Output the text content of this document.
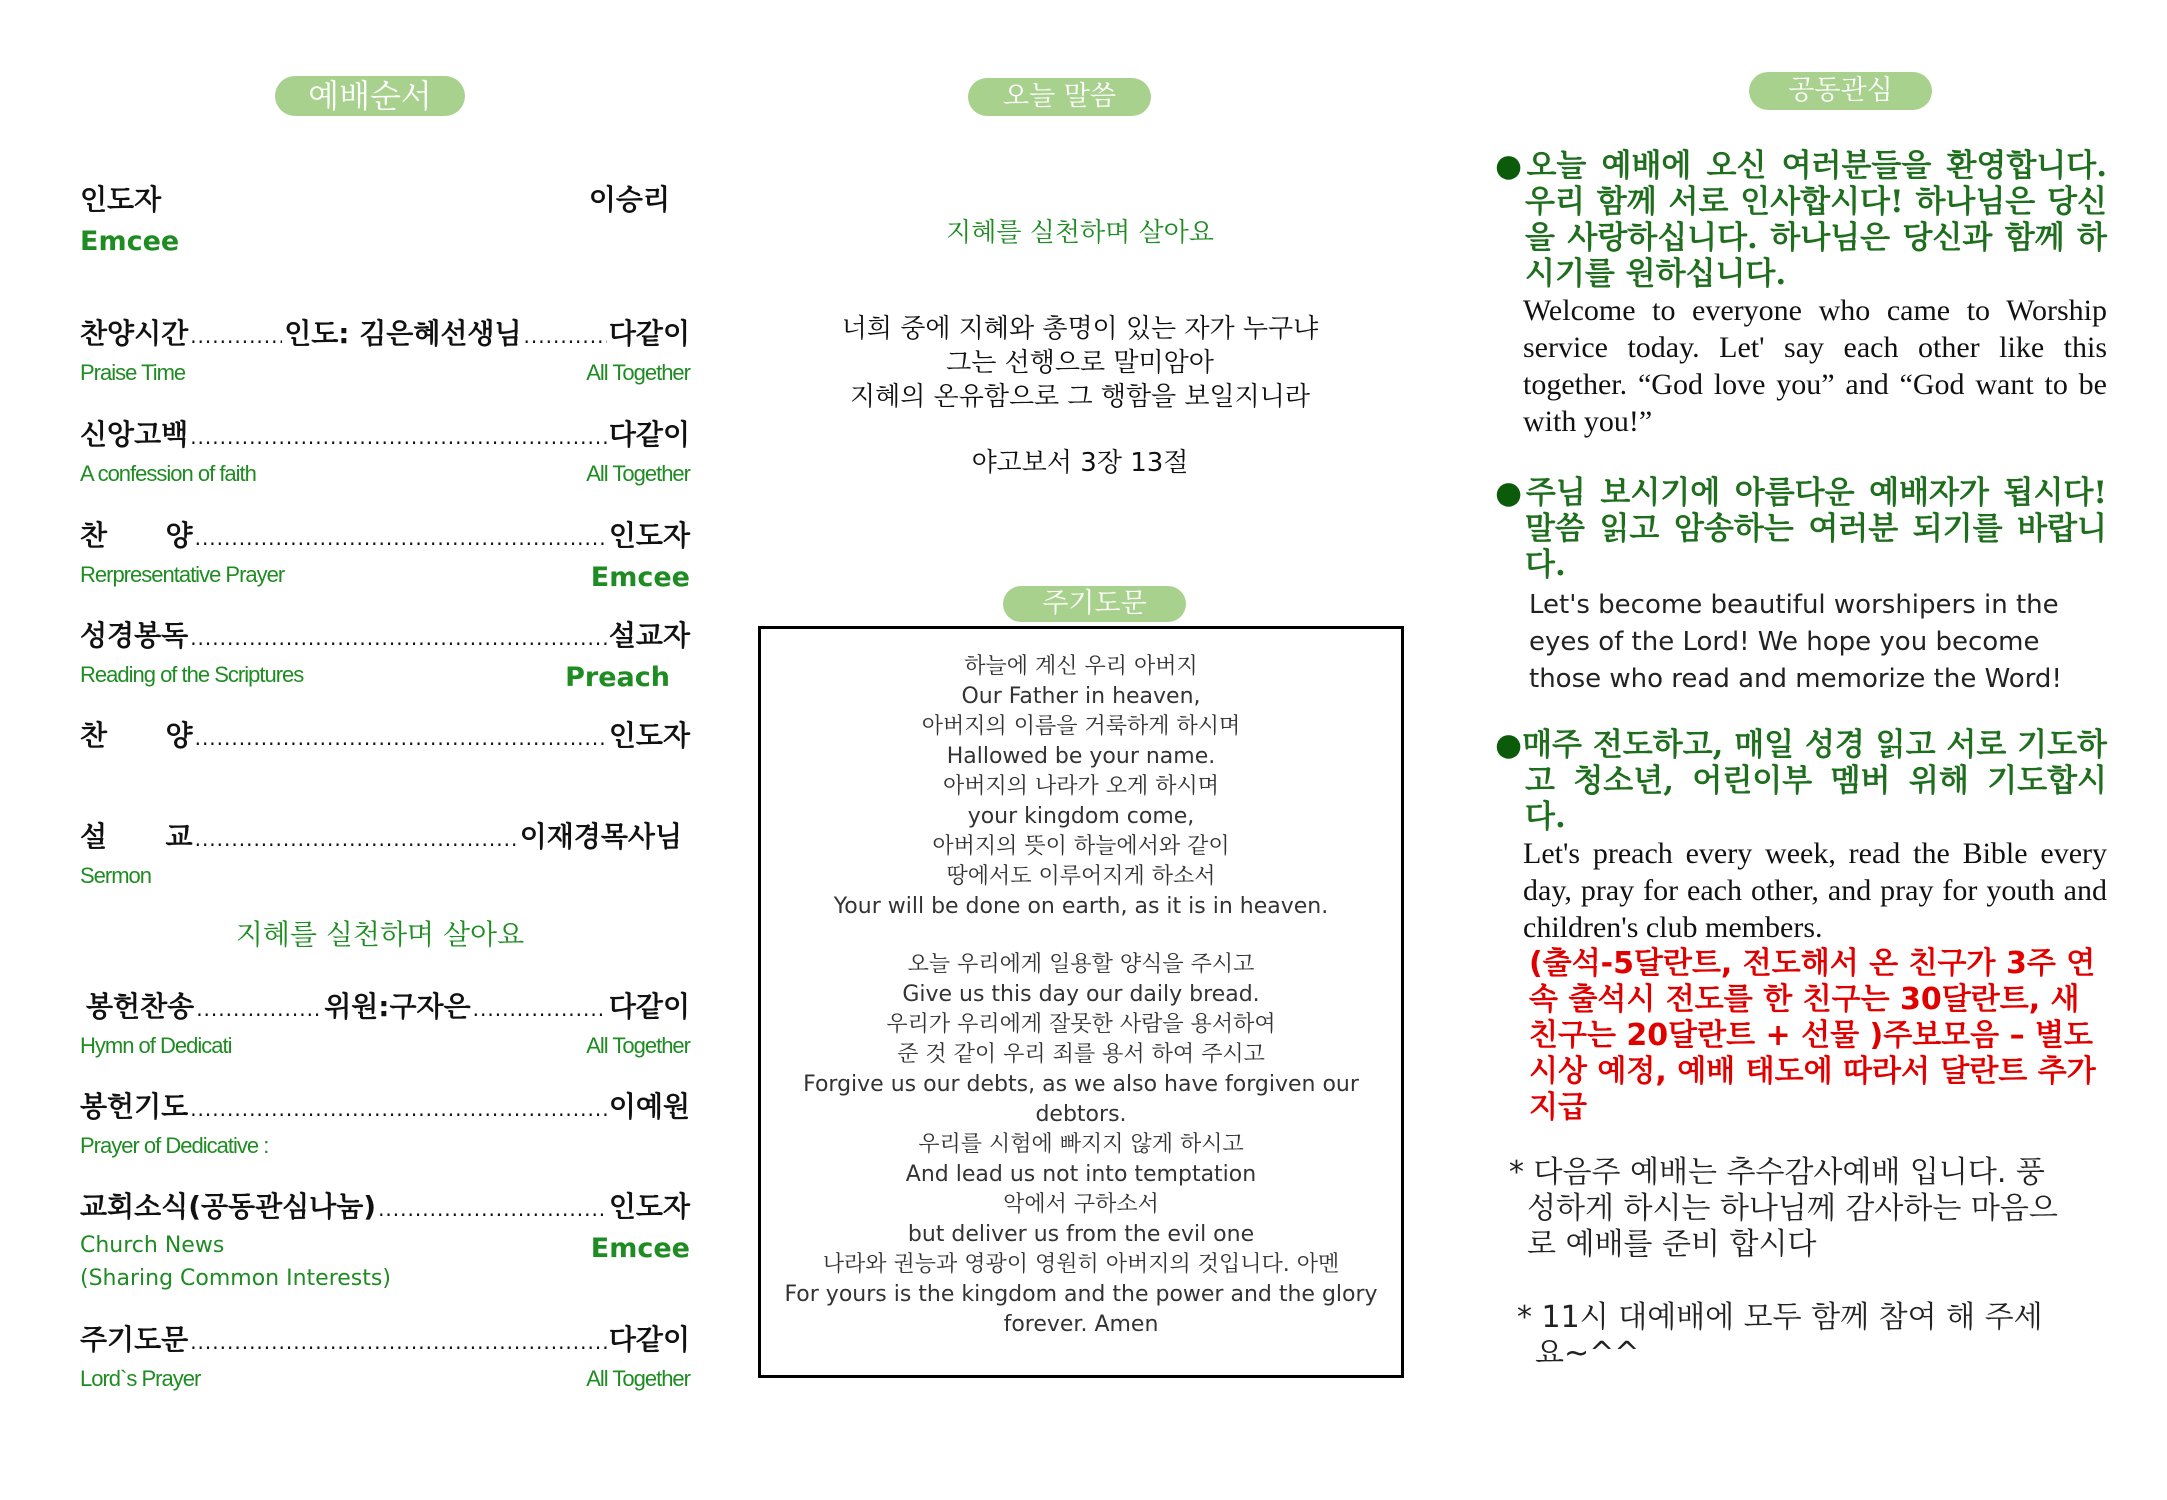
예배순서
인도자	이승리
Emcee
찬양시간 .....	인도: 김은혜선생님 .....	다같이
Praise Time	All Together
신앙고백 .....	다같이
A confession of faith	All Together
찬      양 .....	인도자
Rerpresentative Prayer	Emcee
성경봉독 .....	설교자
Reading of the Scriptures	Preach
찬      양 .....	인도자
설      교 .....	이재경목사님
Sermon
지혜를 실천하며 살아요
봉헌찬송 .....	위원:구자은 .....	다같이
Hymn of Dedicati	All Together
봉헌기도 .....	이예원
Prayer of Dedicative :
교회소식(공동관심나눔) .....	인도자
Church News	Emcee
(Sharing Common Interests)
주기도문 .....	다같이
Lord`s Prayer	All Together
오늘 말씀
지혜를 실천하며 살아요
너희 중에 지혜와 총명이 있는 자가 누구냐
그는 선행으로 말미암아
지혜의 온유함으로 그 행함을 보일지니라
야고보서 3장 13절
주기도문
하늘에 계신 우리 아버지
Our Father in heaven,
아버지의 이름을 거룩하게 하시며
Hallowed be your name.
아버지의 나라가 오게 하시며
your kingdom come,
아버지의 뜻이 하늘에서와 같이
땅에서도 이루어지게 하소서
Your will be done on earth, as it is in heaven.
오늘 우리에게 일용할 양식을 주시고
Give us this day our daily bread.
우리가 우리에게 잘못한 사람을 용서하여
준 것 같이 우리 죄를 용서 하여 주시고
Forgive us our debts, as we also have forgiven our
debtors.
우리를 시험에 빠지지 않게 하시고
And lead us not into temptation
악에서 구하소서
but deliver us from the evil one
나라와 권능과 영광이 영원히 아버지의 것입니다. 아멘
For yours is the kingdom and the power and the glory
forever. Amen
공동관심
●오늘 예배에 오신 여러분들을 환영합니다. 우리 함께 서로 인사합시다! 하나님은 당신을 사랑하십니다. 하나님은 당신과 함께 하시기를 원하십니다.
Welcome to everyone who came to Worship service today. Let' say each other like this together. “God love you” and “God want to be with you!”
●주님 보시기에 아름다운 예배자가 됩시다! 말씀 읽고 암송하는 여러분 되기를 바랍니다.
Let's become beautiful worshipers in the eyes of the Lord! We hope you become those who read and memorize the Word!
●매주 전도하고, 매일 성경 읽고 서로 기도하고 청소년, 어린이부 멤버 위해 기도합시다.
Let's preach every week, read the Bible every day, pray for each other, and pray for youth and children's club members.
(출석-5달란트, 전도해서 온 친구가 3주 연속 출석시 전도를 한 친구는 30달란트, 새 친구는 20달란트 + 선물 )주보모음 – 별도 시상 예정, 예배 태도에 따라서 달란트 추가 지급
* 다음주 예배는 추수감사예배 입니다. 풍성하게 하시는 하나님께 감사하는 마음으로 예배를 준비 합시다
* 11시 대예배에 모두 함께 참여 해 주세요~^^
